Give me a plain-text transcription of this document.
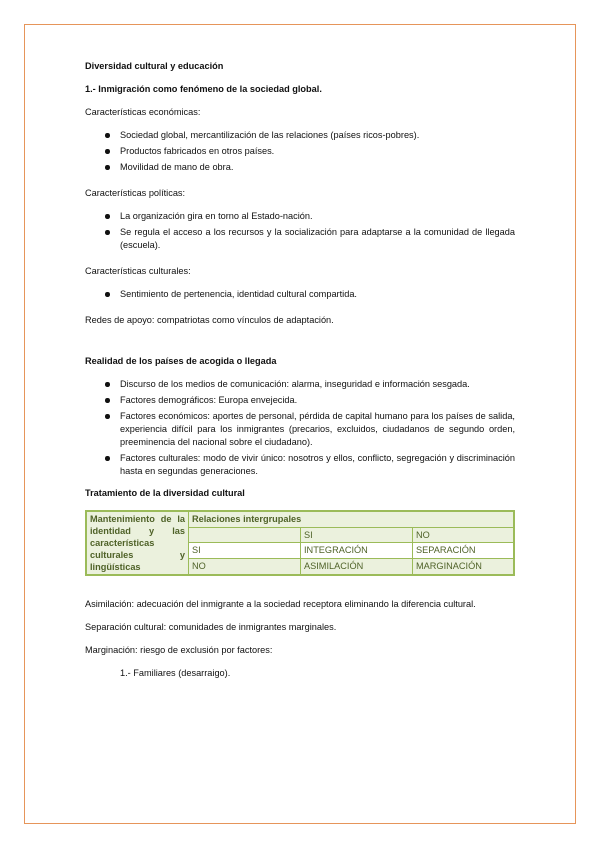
Diversidad cultural y educación

1.- Inmigración como fenómeno de la sociedad global.

Características económicas:

Sociedad global, mercantilización de las relaciones (países ricos-pobres).
Productos fabricados en otros países.
Movilidad de mano de obra.

Características políticas:

La organización gira en torno al Estado-nación.
Se regula el acceso a los recursos y la socialización para adaptarse a la comunidad de llegada (escuela).

Características culturales:

Sentimiento de pertenencia, identidad cultural compartida.

Redes de apoyo: compatriotas como vínculos de adaptación.

Realidad de los países de acogida o llegada

Discurso de los medios de comunicación: alarma, inseguridad e información sesgada.
Factores demográficos: Europa envejecida.
Factores económicos: aportes de personal, pérdida de capital humano para los países de salida, experiencia difícil para los inmigrantes (precarios, excluidos, ciudadanos de segundo orden, preeminencia del nacional sobre el ciudadano).
Factores culturales: modo de vivir único: nosotros y ellos, conflicto, segregación y discriminación hasta en segundas generaciones.

Tratamiento de la diversidad cultural

Mantenimiento de la identidad y las características culturales y lingüísticas	Relaciones intergrupales		
		SI	NO
	SI	INTEGRACIÓN	SEPARACIÓN
	NO	ASIMILACIÓN	MARGINACIÓN

Asimilación: adecuación del inmigrante a la sociedad receptora eliminando la diferencia cultural.

Separación cultural: comunidades de inmigrantes marginales.

Marginación: riesgo de exclusión por factores:

1.- Familiares (desarraigo).
